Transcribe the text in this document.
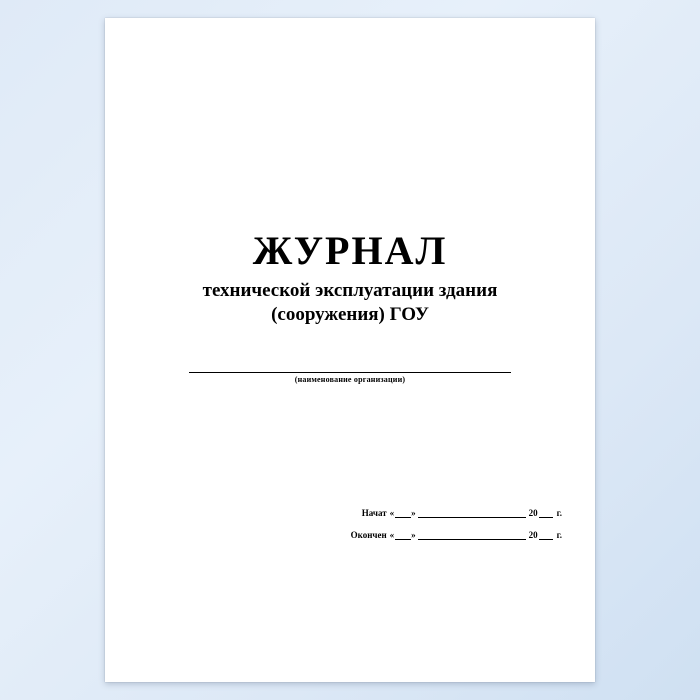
ЖУРНАЛ
технической эксплуатации здания
(сооружения) ГОУ
(наименование организации)
Начат « »	20 г.
Окончен « »	20 г.
